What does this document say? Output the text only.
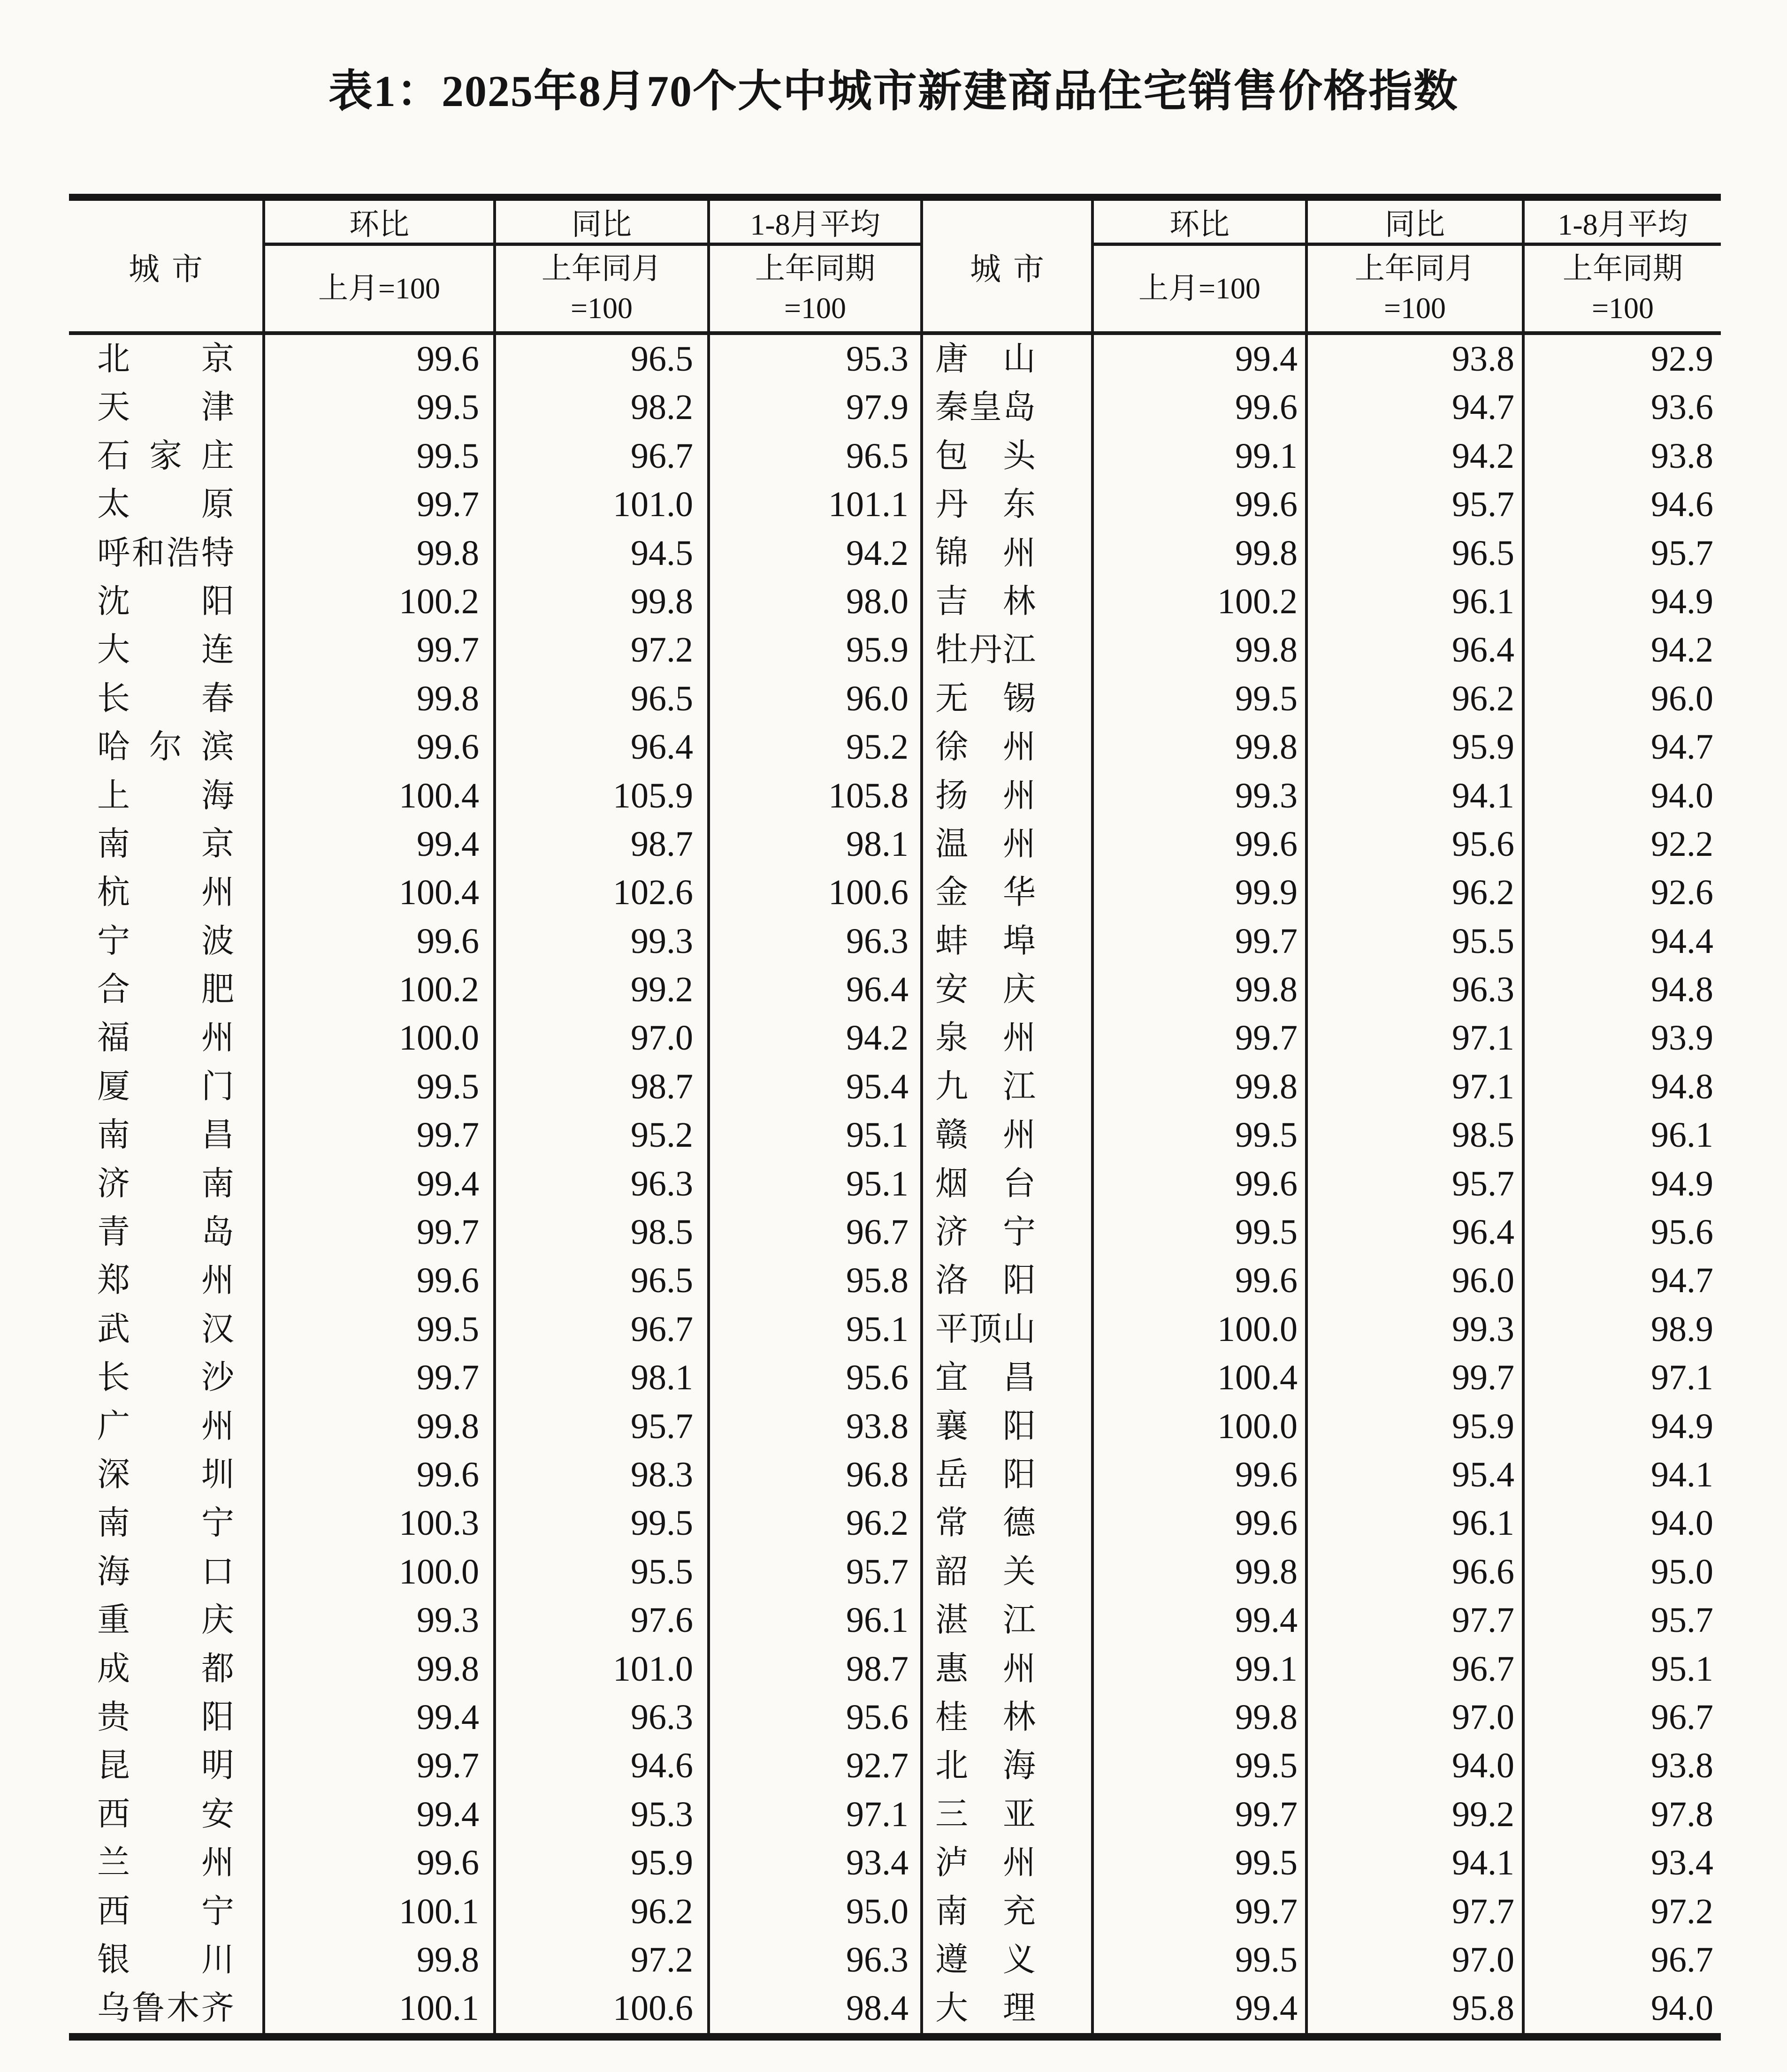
表1：2025年8月70个大中城市新建商品住宅销售价格指数
城市
环比	同比	1-8月平均
城市
环比	同比	1-8月平均
上月=100
上年同月
=100
上年同期
=100
上月=100
上年同月
=100
上年同期
=100
北京	99.6	96.5	95.3 唐山	99.4	93.8	92.9
天津	99.5	98.2	97.9 秦皇岛	99.6	94.7	93.6
石家庄	99.5	96.7	96.5 包头	99.1	94.2	93.8
太原	99.7	101.0	101.1 丹东	99.6	95.7	94.6
呼和浩特	99.8	94.5	94.2 锦州	99.8	96.5	95.7
沈阳	100.2	99.8	98.0 吉林	100.2	96.1	94.9
大连	99.7	97.2	95.9 牡丹江	99.8	96.4	94.2
长春	99.8	96.5	96.0 无锡	99.5	96.2	96.0
哈尔滨	99.6	96.4	95.2 徐州	99.8	95.9	94.7
上海	100.4	105.9	105.8 扬州	99.3	94.1	94.0
南京	99.4	98.7	98.1 温州	99.6	95.6	92.2
杭州	100.4	102.6	100.6 金华	99.9	96.2	92.6
宁波	99.6	99.3	96.3 蚌埠	99.7	95.5	94.4
合肥	100.2	99.2	96.4 安庆	99.8	96.3	94.8
福州	100.0	97.0	94.2 泉州	99.7	97.1	93.9
厦门	99.5	98.7	95.4 九江	99.8	97.1	94.8
南昌	99.7	95.2	95.1 赣州	99.5	98.5	96.1
济南	99.4	96.3	95.1 烟台	99.6	95.7	94.9
青岛	99.7	98.5	96.7 济宁	99.5	96.4	95.6
郑州	99.6	96.5	95.8 洛阳	99.6	96.0	94.7
武汉	99.5	96.7	95.1 平顶山	100.0	99.3	98.9
长沙	99.7	98.1	95.6 宜昌	100.4	99.7	97.1
广州	99.8	95.7	93.8 襄阳	100.0	95.9	94.9
深圳	99.6	98.3	96.8 岳阳	99.6	95.4	94.1
南宁	100.3	99.5	96.2 常德	99.6	96.1	94.0
海口	100.0	95.5	95.7 韶关	99.8	96.6	95.0
重庆	99.3	97.6	96.1 湛江	99.4	97.7	95.7
成都	99.8	101.0	98.7 惠州	99.1	96.7	95.1
贵阳	99.4	96.3	95.6 桂林	99.8	97.0	96.7
昆明	99.7	94.6	92.7 北海	99.5	94.0	93.8
西安	99.4	95.3	97.1 三亚	99.7	99.2	97.8
兰州	99.6	95.9	93.4 泸州	99.5	94.1	93.4
西宁	100.1	96.2	95.0 南充	99.7	97.7	97.2
银川	99.8	97.2	96.3 遵义	99.5	97.0	96.7
乌鲁木齐	100.1	100.6	98.4 大理	99.4	95.8	94.0
